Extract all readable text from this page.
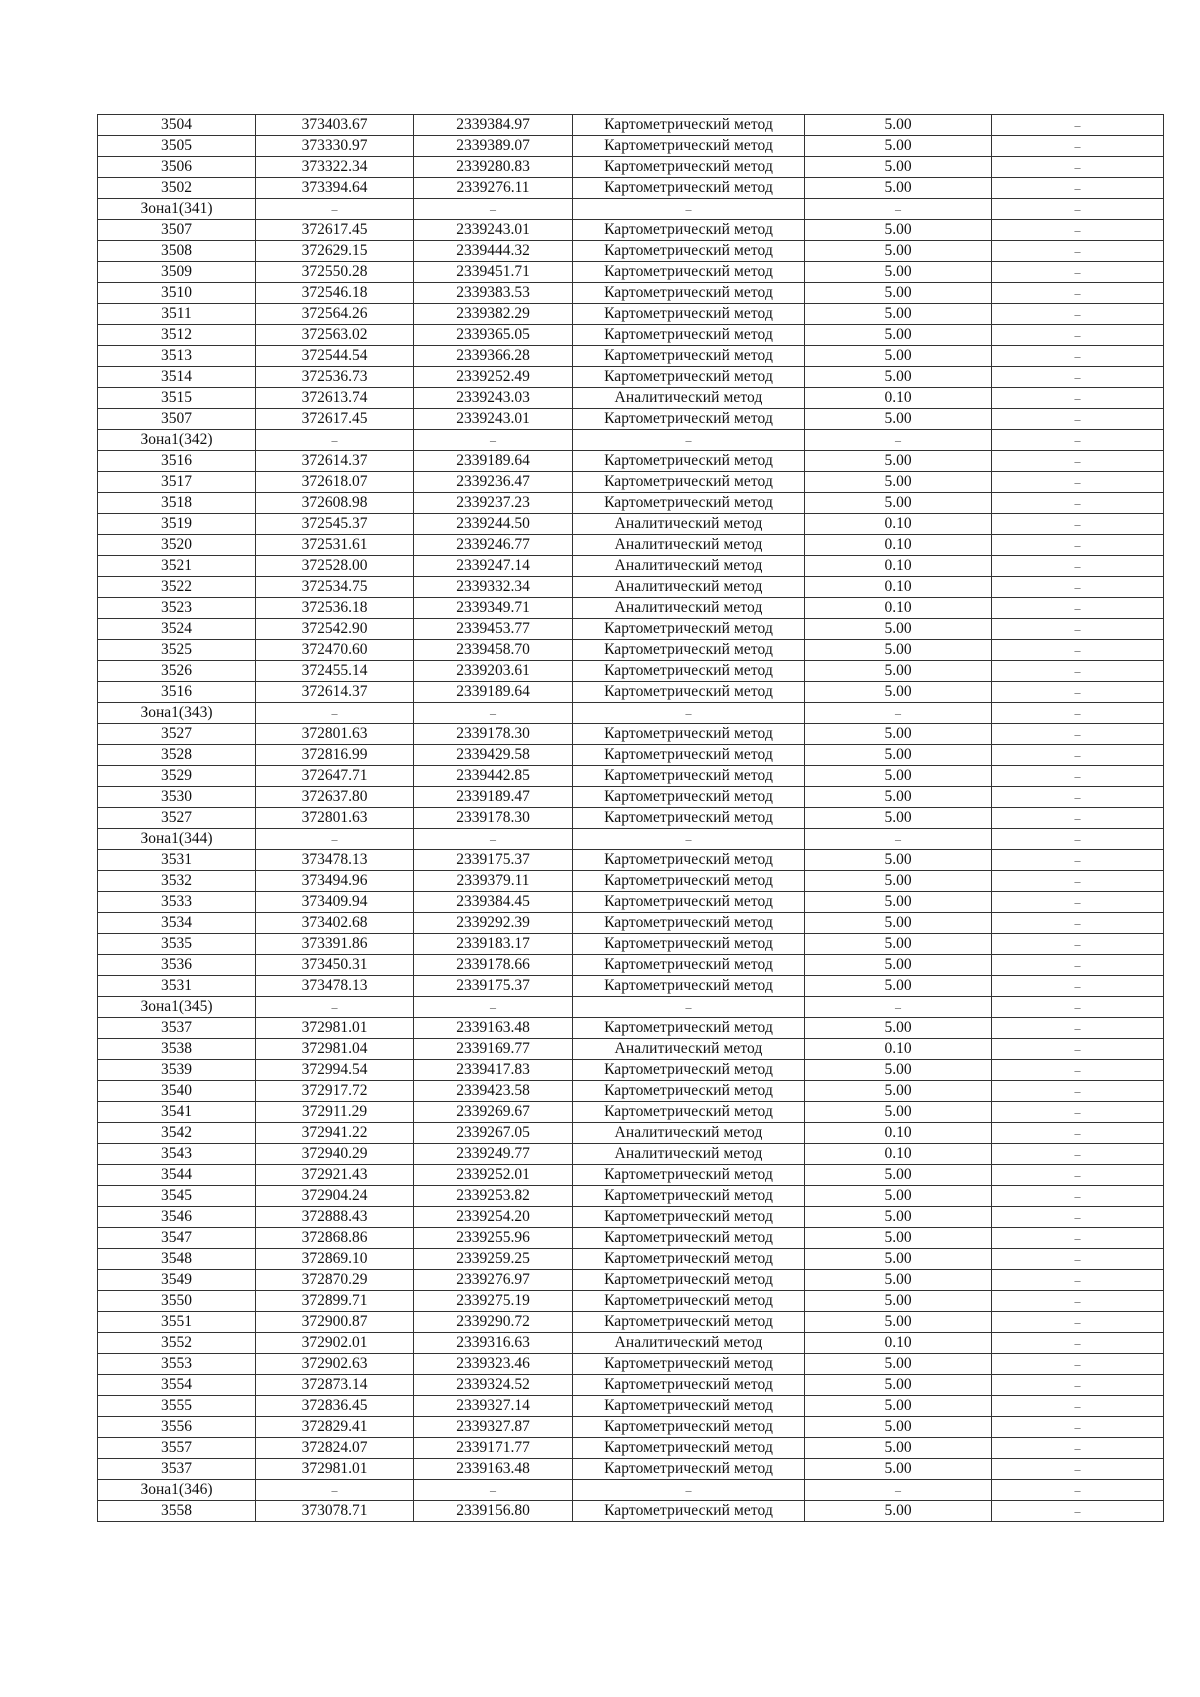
3504	373403.67	2339384.97	Картометрический метод	5.00	–
3505	373330.97	2339389.07	Картометрический метод	5.00	–
3506	373322.34	2339280.83	Картометрический метод	5.00	–
3502	373394.64	2339276.11	Картометрический метод	5.00	–
Зона1(341)	–	–	–	–	–
3507	372617.45	2339243.01	Картометрический метод	5.00	–
3508	372629.15	2339444.32	Картометрический метод	5.00	–
3509	372550.28	2339451.71	Картометрический метод	5.00	–
3510	372546.18	2339383.53	Картометрический метод	5.00	–
3511	372564.26	2339382.29	Картометрический метод	5.00	–
3512	372563.02	2339365.05	Картометрический метод	5.00	–
3513	372544.54	2339366.28	Картометрический метод	5.00	–
3514	372536.73	2339252.49	Картометрический метод	5.00	–
3515	372613.74	2339243.03	Аналитический метод	0.10	–
3507	372617.45	2339243.01	Картометрический метод	5.00	–
Зона1(342)	–	–	–	–	–
3516	372614.37	2339189.64	Картометрический метод	5.00	–
3517	372618.07	2339236.47	Картометрический метод	5.00	–
3518	372608.98	2339237.23	Картометрический метод	5.00	–
3519	372545.37	2339244.50	Аналитический метод	0.10	–
3520	372531.61	2339246.77	Аналитический метод	0.10	–
3521	372528.00	2339247.14	Аналитический метод	0.10	–
3522	372534.75	2339332.34	Аналитический метод	0.10	–
3523	372536.18	2339349.71	Аналитический метод	0.10	–
3524	372542.90	2339453.77	Картометрический метод	5.00	–
3525	372470.60	2339458.70	Картометрический метод	5.00	–
3526	372455.14	2339203.61	Картометрический метод	5.00	–
3516	372614.37	2339189.64	Картометрический метод	5.00	–
Зона1(343)	–	–	–	–	–
3527	372801.63	2339178.30	Картометрический метод	5.00	–
3528	372816.99	2339429.58	Картометрический метод	5.00	–
3529	372647.71	2339442.85	Картометрический метод	5.00	–
3530	372637.80	2339189.47	Картометрический метод	5.00	–
3527	372801.63	2339178.30	Картометрический метод	5.00	–
Зона1(344)	–	–	–	–	–
3531	373478.13	2339175.37	Картометрический метод	5.00	–
3532	373494.96	2339379.11	Картометрический метод	5.00	–
3533	373409.94	2339384.45	Картометрический метод	5.00	–
3534	373402.68	2339292.39	Картометрический метод	5.00	–
3535	373391.86	2339183.17	Картометрический метод	5.00	–
3536	373450.31	2339178.66	Картометрический метод	5.00	–
3531	373478.13	2339175.37	Картометрический метод	5.00	–
Зона1(345)	–	–	–	–	–
3537	372981.01	2339163.48	Картометрический метод	5.00	–
3538	372981.04	2339169.77	Аналитический метод	0.10	–
3539	372994.54	2339417.83	Картометрический метод	5.00	–
3540	372917.72	2339423.58	Картометрический метод	5.00	–
3541	372911.29	2339269.67	Картометрический метод	5.00	–
3542	372941.22	2339267.05	Аналитический метод	0.10	–
3543	372940.29	2339249.77	Аналитический метод	0.10	–
3544	372921.43	2339252.01	Картометрический метод	5.00	–
3545	372904.24	2339253.82	Картометрический метод	5.00	–
3546	372888.43	2339254.20	Картометрический метод	5.00	–
3547	372868.86	2339255.96	Картометрический метод	5.00	–
3548	372869.10	2339259.25	Картометрический метод	5.00	–
3549	372870.29	2339276.97	Картометрический метод	5.00	–
3550	372899.71	2339275.19	Картометрический метод	5.00	–
3551	372900.87	2339290.72	Картометрический метод	5.00	–
3552	372902.01	2339316.63	Аналитический метод	0.10	–
3553	372902.63	2339323.46	Картометрический метод	5.00	–
3554	372873.14	2339324.52	Картометрический метод	5.00	–
3555	372836.45	2339327.14	Картометрический метод	5.00	–
3556	372829.41	2339327.87	Картометрический метод	5.00	–
3557	372824.07	2339171.77	Картометрический метод	5.00	–
3537	372981.01	2339163.48	Картометрический метод	5.00	–
Зона1(346)	–	–	–	–	–
3558	373078.71	2339156.80	Картометрический метод	5.00	–
